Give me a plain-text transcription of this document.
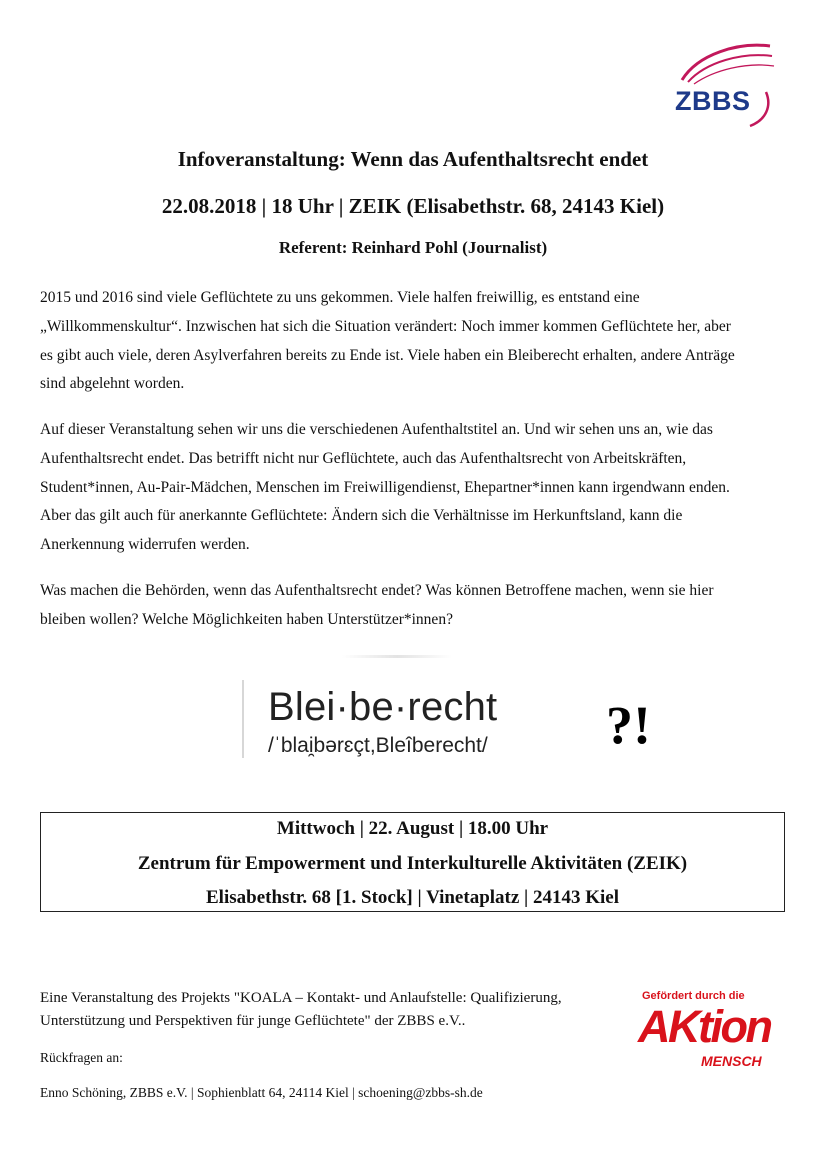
ZBBS
Infoveranstaltung: Wenn das Aufenthaltsrecht endet
22.08.2018 | 18 Uhr | ZEIK (Elisabethstr. 68, 24143 Kiel)
Referent: Reinhard Pohl (Journalist)
2015 und 2016 sind viele Geflüchtete zu uns gekommen. Viele halfen freiwillig, es entstand eine
„Willkommenskultur“. Inzwischen hat sich die Situation verändert: Noch immer kommen Geflüchtete her, aber
es gibt auch viele, deren Asylverfahren bereits zu Ende ist. Viele haben ein Bleiberecht erhalten, andere Anträge
sind abgelehnt worden.
Auf dieser Veranstaltung sehen wir uns die verschiedenen Aufenthaltstitel an. Und wir sehen uns an, wie das
Aufenthaltsrecht endet. Das betrifft nicht nur Geflüchtete, auch das Aufenthaltsrecht von Arbeitskräften,
Student*innen, Au-Pair-Mädchen, Menschen im Freiwilligendienst, Ehepartner*innen kann irgendwann enden.
Aber das gilt auch für anerkannte Geflüchtete: Ändern sich die Verhältnisse im Herkunftsland, kann die
Anerkennung widerrufen werden.
Was machen die Behörden, wenn das Aufenthaltsrecht endet? Was können Betroffene machen, wenn sie hier
bleiben wollen? Welche Möglichkeiten haben Unterstützer*innen?
Blei·be·recht
/ˈblai̯bərɛçt,Bleîberecht/ ?!
Mittwoch | 22. August | 18.00 Uhr
Zentrum für Empowerment und Interkulturelle Aktivitäten (ZEIK)
Elisabethstr. 68 [1. Stock] | Vinetaplatz | 24143 Kiel
Eine Veranstaltung des Projekts "KOALA – Kontakt- und Anlaufstelle: Qualifizierung,
Unterstützung und Perspektiven für junge Geflüchtete" der ZBBS e.V..
Rückfragen an:
Enno Schöning, ZBBS e.V. | Sophienblatt 64, 24114 Kiel | schoening@zbbs-sh.de
Gefördert durch die
AKtion
MENSCH
